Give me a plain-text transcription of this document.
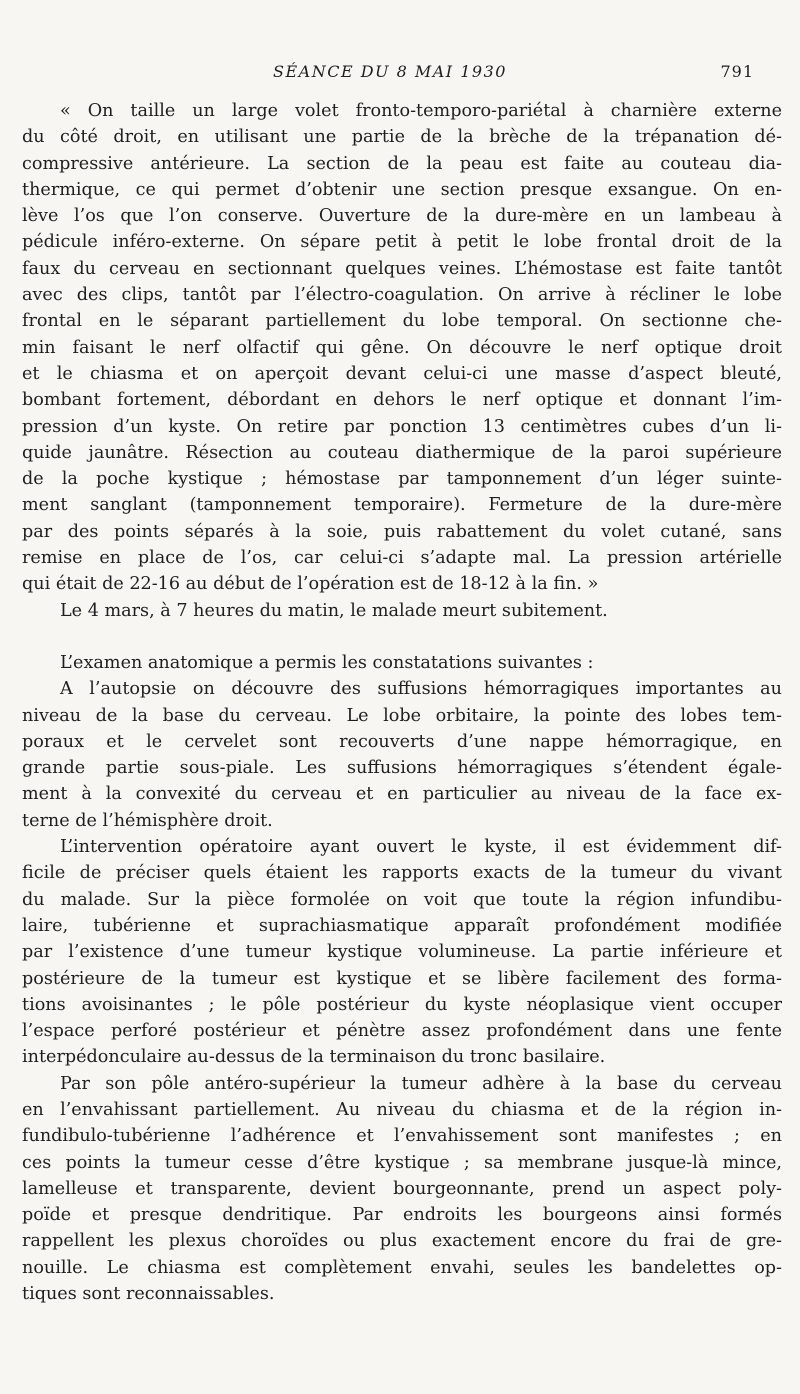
SÉANCE DU 8 MAI 1930	791
« On taille un large volet fronto-temporo-pariétal à charnière externe
du côté droit, en utilisant une partie de la brèche de la trépanation dé-
compressive antérieure. La section de la peau est faite au couteau dia-
thermique, ce qui permet d’obtenir une section presque exsangue. On en-
lève l’os que l’on conserve. Ouverture de la dure-mère en un lambeau à
pédicule inféro-externe. On sépare petit à petit le lobe frontal droit de la
faux du cerveau en sectionnant quelques veines. L’hémostase est faite tantôt
avec des clips, tantôt par l’électro-coagulation. On arrive à récliner le lobe
frontal en le séparant partiellement du lobe temporal. On sectionne che-
min faisant le nerf olfactif qui gêne. On découvre le nerf optique droit
et le chiasma et on aperçoit devant celui-ci une masse d’aspect bleuté,
bombant fortement, débordant en dehors le nerf optique et donnant l’im-
pression d’un kyste. On retire par ponction 13 centimètres cubes d’un li-
quide jaunâtre. Résection au couteau diathermique de la paroi supérieure
de la poche kystique ; hémostase par tamponnement d’un léger suinte-
ment sanglant (tamponnement temporaire). Fermeture de la dure-mère
par des points séparés à la soie, puis rabattement du volet cutané, sans
remise en place de l’os, car celui-ci s’adapte mal. La pression artérielle
qui était de 22-16 au début de l’opération est de 18-12 à la fin. »
Le 4 mars, à 7 heures du matin, le malade meurt subitement.
L’examen anatomique a permis les constatations suivantes :
A l’autopsie on découvre des suffusions hémorragiques importantes au
niveau de la base du cerveau. Le lobe orbitaire, la pointe des lobes tem-
poraux et le cervelet sont recouverts d’une nappe hémorragique, en
grande partie sous-piale. Les suffusions hémorragiques s’étendent égale-
ment à la convexité du cerveau et en particulier au niveau de la face ex-
terne de l’hémisphère droit.
L’intervention opératoire ayant ouvert le kyste, il est évidemment dif-
ficile de préciser quels étaient les rapports exacts de la tumeur du vivant
du malade. Sur la pièce formolée on voit que toute la région infundibu-
laire, tubérienne et suprachiasmatique apparaît profondément modifiée
par l’existence d’une tumeur kystique volumineuse. La partie inférieure et
postérieure de la tumeur est kystique et se libère facilement des forma-
tions avoisinantes ; le pôle postérieur du kyste néoplasique vient occuper
l’espace perforé postérieur et pénètre assez profondément dans une fente
interpédonculaire au-dessus de la terminaison du tronc basilaire.
Par son pôle antéro-supérieur la tumeur adhère à la base du cerveau
en l’envahissant partiellement. Au niveau du chiasma et de la région in-
fundibulo-tubérienne l’adhérence et l’envahissement sont manifestes ; en
ces points la tumeur cesse d’être kystique ; sa membrane jusque-là mince,
lamelleuse et transparente, devient bourgeonnante, prend un aspect poly-
poïde et presque dendritique. Par endroits les bourgeons ainsi formés
rappellent les plexus choroïdes ou plus exactement encore du frai de gre-
nouille. Le chiasma est complètement envahi, seules les bandelettes op-
tiques sont reconnaissables.
